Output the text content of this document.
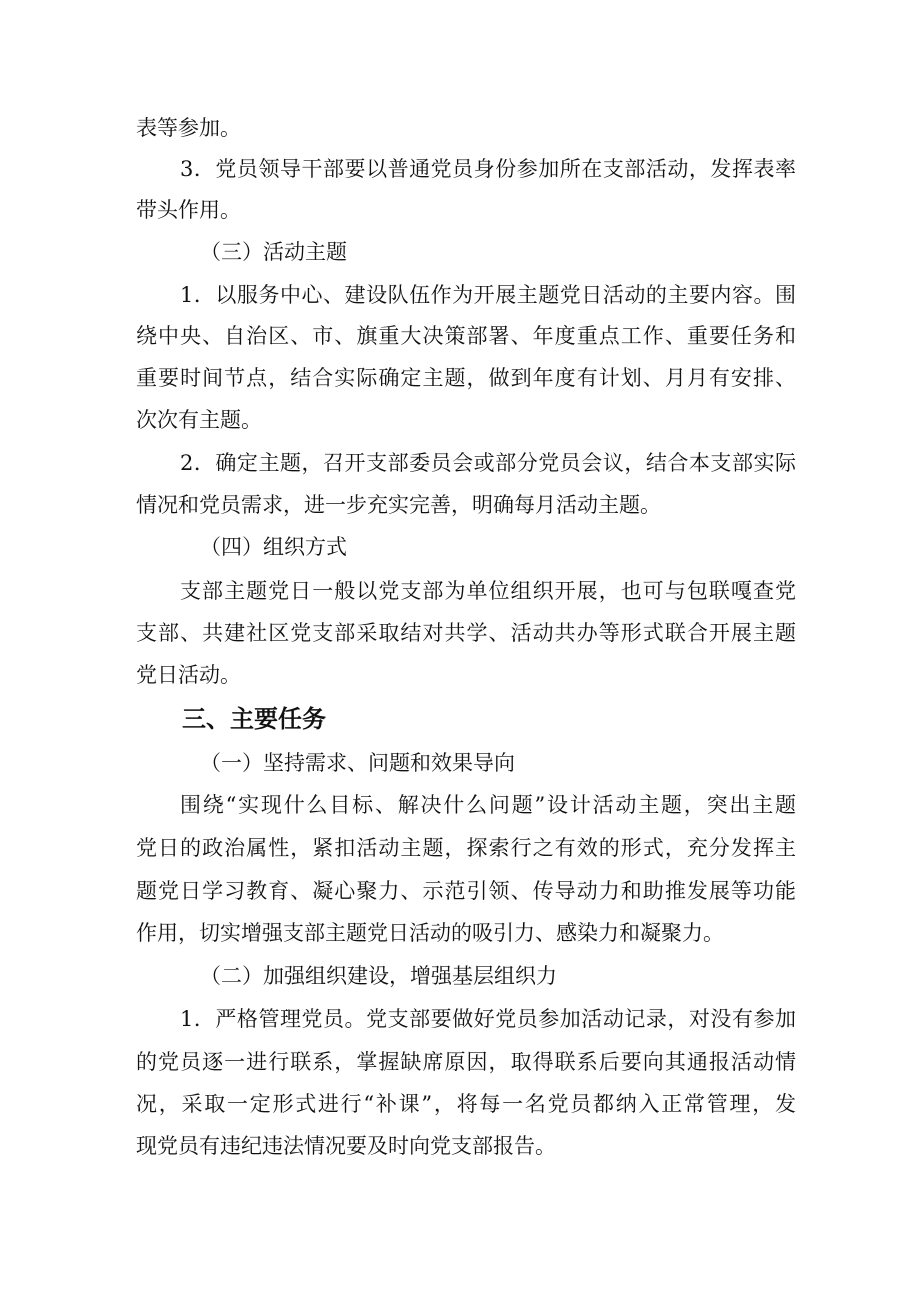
表等参加。
3．党员领导干部要以普通党员身份参加所在支部活动，发挥表率
带头作用。
（三）活动主题
1．以服务中心、建设队伍作为开展主题党日活动的主要内容。围
绕中央、自治区、市、旗重大决策部署、年度重点工作、重要任务和
重要时间节点，结合实际确定主题，做到年度有计划、月月有安排、
次次有主题。
2．确定主题，召开支部委员会或部分党员会议，结合本支部实际
情况和党员需求，进一步充实完善，明确每月活动主题。
（四）组织方式
支部主题党日一般以党支部为单位组织开展，也可与包联嘎查党
支部、共建社区党支部采取结对共学、活动共办等形式联合开展主题
党日活动。
三、主要任务
（一）坚持需求、问题和效果导向
围绕“实现什么目标、解决什么问题”设计活动主题，突出主题
党日的政治属性，紧扣活动主题，探索行之有效的形式，充分发挥主
题党日学习教育、凝心聚力、示范引领、传导动力和助推发展等功能
作用，切实增强支部主题党日活动的吸引力、感染力和凝聚力。
（二）加强组织建设，增强基层组织力
1．严格管理党员。党支部要做好党员参加活动记录，对没有参加
的党员逐一进行联系，掌握缺席原因，取得联系后要向其通报活动情
况，采取一定形式进行“补课”，将每一名党员都纳入正常管理，发
现党员有违纪违法情况要及时向党支部报告。
